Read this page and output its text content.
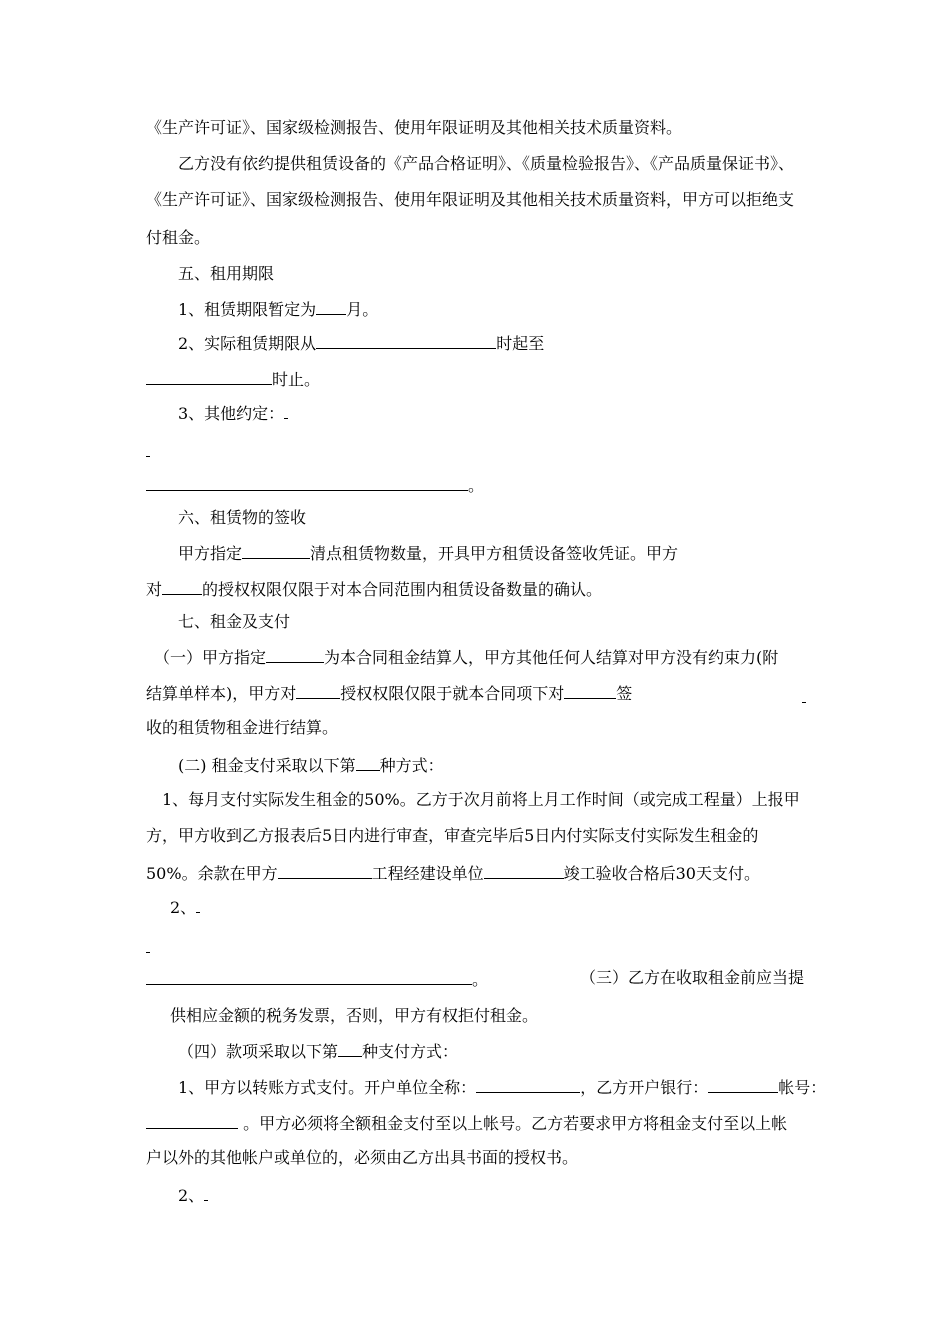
《生产许可证》、国家级检测报告、使用年限证明及其他相关技术质量资料。
乙方没有依约提供租赁设备的《产品合格证明》、《质量检验报告》、《产品质量保证书》、
《生产许可证》、国家级检测报告、使用年限证明及其他相关技术质量资料，甲方可以拒绝支
付租金。
五、租用期限
1、租赁期限暂定为 月。
2、实际租赁期限从	时起至
时止。
3、其他约定：
。
六、租赁物的签收
甲方指定	清点租赁物数量，开具甲方租赁设备签收凭证。甲方
对	的授权权限仅限于对本合同范围内租赁设备数量的确认。
七、租金及支付
（一）甲方指定	为本合同租金结算人，甲方其他任何人结算对甲方没有约束力(附
结算单样本)，甲方对	授权权限仅限于就本合同项下对	签
收的租赁物租金进行结算。
(二) 租金支付采取以下第 种方式：
1、每月支付实际发生租金的50%。乙方于次月前将上月工作时间（或完成工程量）上报甲
方，甲方收到乙方报表后5日内进行审查，审查完毕后5日内付实际支付实际发生租金的
50%。余款在甲方	工程经建设单位	竣工验收合格后30天支付。
2、
。	（三）乙方在收取租金前应当提
供相应金额的税务发票，否则，甲方有权拒付租金。
（四）款项采取以下第 种支付方式：
1、甲方以转账方式支付。开户单位全称：	，乙方开户银行：	帐号：
。甲方必须将全额租金支付至以上帐号。乙方若要求甲方将租金支付至以上帐
户以外的其他帐户或单位的，必须由乙方出具书面的授权书。
2、
